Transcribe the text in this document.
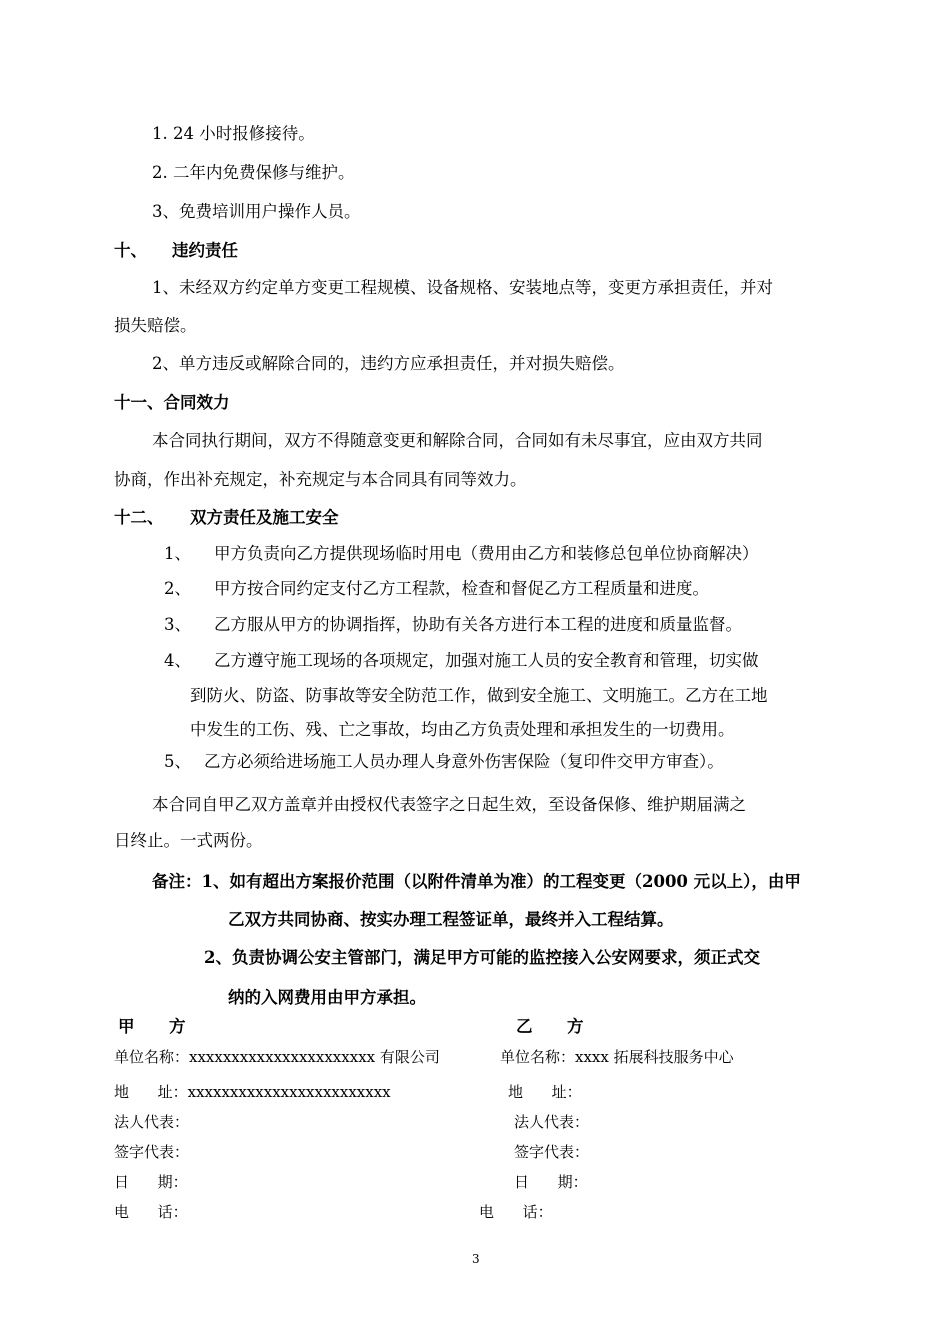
1. 24 小时报修接待。
2. 二年内免费保修与维护。
3、免费培训用户操作人员。
十、 违约责任
1、未经双方约定单方变更工程规模、设备规格、安装地点等，变更方承担责任，并对
损失赔偿。
2、单方违反或解除合同的，违约方应承担责任，并对损失赔偿。
十一、合同效力
本合同执行期间，双方不得随意变更和解除合同，合同如有未尽事宜，应由双方共同
协商，作出补充规定，补充规定与本合同具有同等效力。
十二、 双方责任及施工安全
1、 甲方负责向乙方提供现场临时用电（费用由乙方和装修总包单位协商解决）
2、 甲方按合同约定支付乙方工程款，检查和督促乙方工程质量和进度。
3、 乙方服从甲方的协调指挥，协助有关各方进行本工程的进度和质量监督。
4、 乙方遵守施工现场的各项规定，加强对施工人员的安全教育和管理，切实做
到防火、防盗、防事故等安全防范工作，做到安全施工、文明施工。乙方在工地
中发生的工伤、残、亡之事故，均由乙方负责处理和承担发生的一切费用。
5、 乙方必须给进场施工人员办理人身意外伤害保险（复印件交甲方审查）。
本合同自甲乙双方盖章并由授权代表签字之日起生效，至设备保修、维护期届满之
日终止。一式两份。
备注：1、如有超出方案报价范围（以附件清单为准）的工程变更（2000 元以上），由甲
乙双方共同协商、按实办理工程签证单，最终并入工程结算。
2、负责协调公安主管部门，满足甲方可能的监控接入公安网要求，须正式交
纳的入网费用由甲方承担。
甲      方	乙      方
单位名称：xxxxxxxxxxxxxxxxxxxxxx 有限公司	单位名称：xxxx 拓展科技服务中心
地      址：xxxxxxxxxxxxxxxxxxxxxxxx	地      址：
法人代表：	法人代表：
签字代表：	签字代表：
日      期：	日      期：
电      话：	电      话：
3
